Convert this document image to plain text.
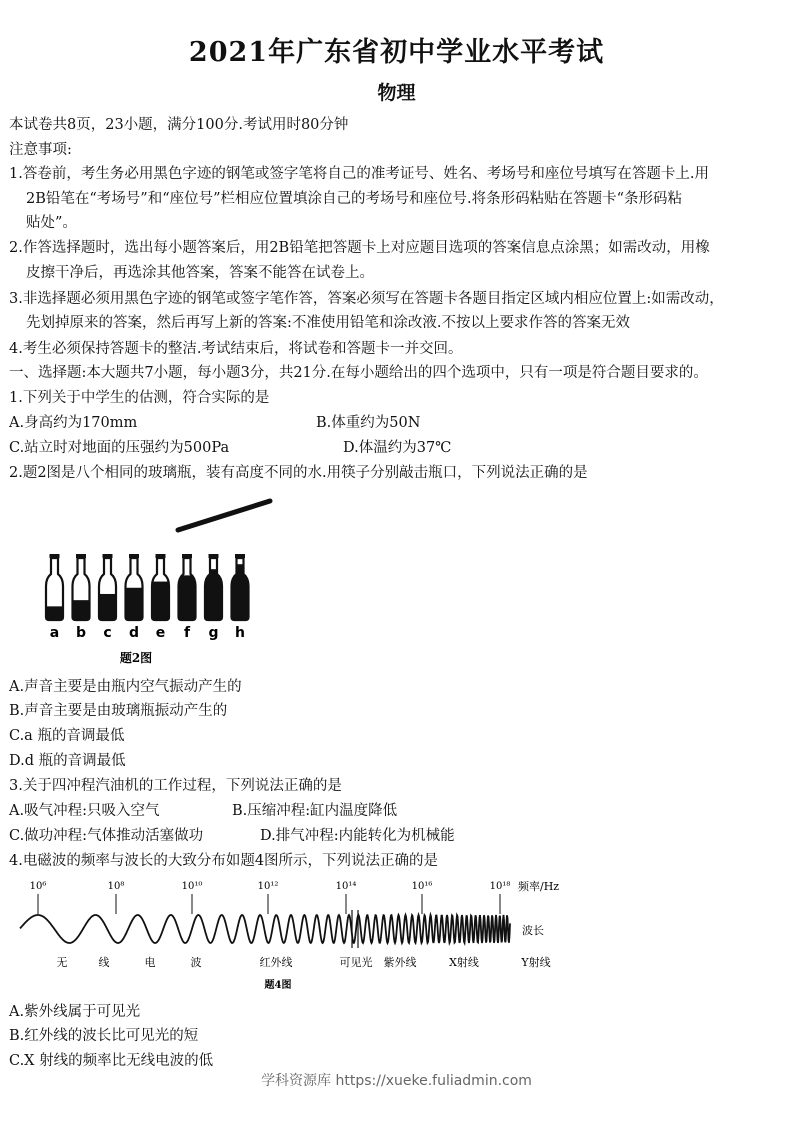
2021年广东省初中学业水平考试
物理
本试卷共8页，23小题，满分100分.考试用时80分钟
注意事项:
1.答卷前，考生务必用黑色字迹的钢笔或签字笔将自己的准考证号、姓名、考场号和座位号填写在答题卡上.用
2B铅笔在“考场号”和“座位号”栏相应位置填涂自己的考场号和座位号.将条形码粘贴在答题卡“条形码粘
贴处”。
2.作答选择题时，选出每小题答案后，用2B铅笔把答题卡上对应题目选项的答案信息点涂黑；如需改动，用橡
皮擦干净后，再选涂其他答案，答案不能答在试卷上。
3.非选择题必须用黑色字迹的钢笔或签字笔作答，答案必须写在答题卡各题目指定区域内相应位置上:如需改动，
先划掉原来的答案，然后再写上新的答案:不准使用铅笔和涂改液.不按以上要求作答的答案无效
4.考生必须保持答题卡的整洁.考试结束后，将试卷和答题卡一并交回。
一、选择题:本大题共7小题，每小题3分，共21分.在每小题给出的四个选项中，只有一项是符合题目要求的。
1.下列关于中学生的估测，符合实际的是
A.身高约为170mm	B.体重约为50N
C.站立时对地面的压强约为500Pa	D.体温约为37℃
2.题2图是八个相同的玻璃瓶，装有高度不同的水.用筷子分别敲击瓶口，下列说法正确的是
a b c d e f g h
题2图
A.声音主要是由瓶内空气振动产生的
B.声音主要是由玻璃瓶振动产生的
C.a 瓶的音调最低
D.d 瓶的音调最低
3.关于四冲程汽油机的工作过程，下列说法正确的是
A.吸气冲程:只吸入空气	B.压缩冲程:缸内温度降低
C.做功冲程:气体推动活塞做功	D.排气冲程:内能转化为机械能
4.电磁波的频率与波长的大致分布如题4图所示，下列说法正确的是
10⁶	10⁸	10¹⁰	10¹²	10¹⁴	10¹⁶	10¹⁸ 频率/Hz
波长
无	线	电	波	红外线	可见光 紫外线	X射线	Y射线
题4图
A.紫外线属于可见光
B.红外线的波长比可见光的短
C.X 射线的频率比无线电波的低
学科资源库 https://xueke.fuliadmin.com
